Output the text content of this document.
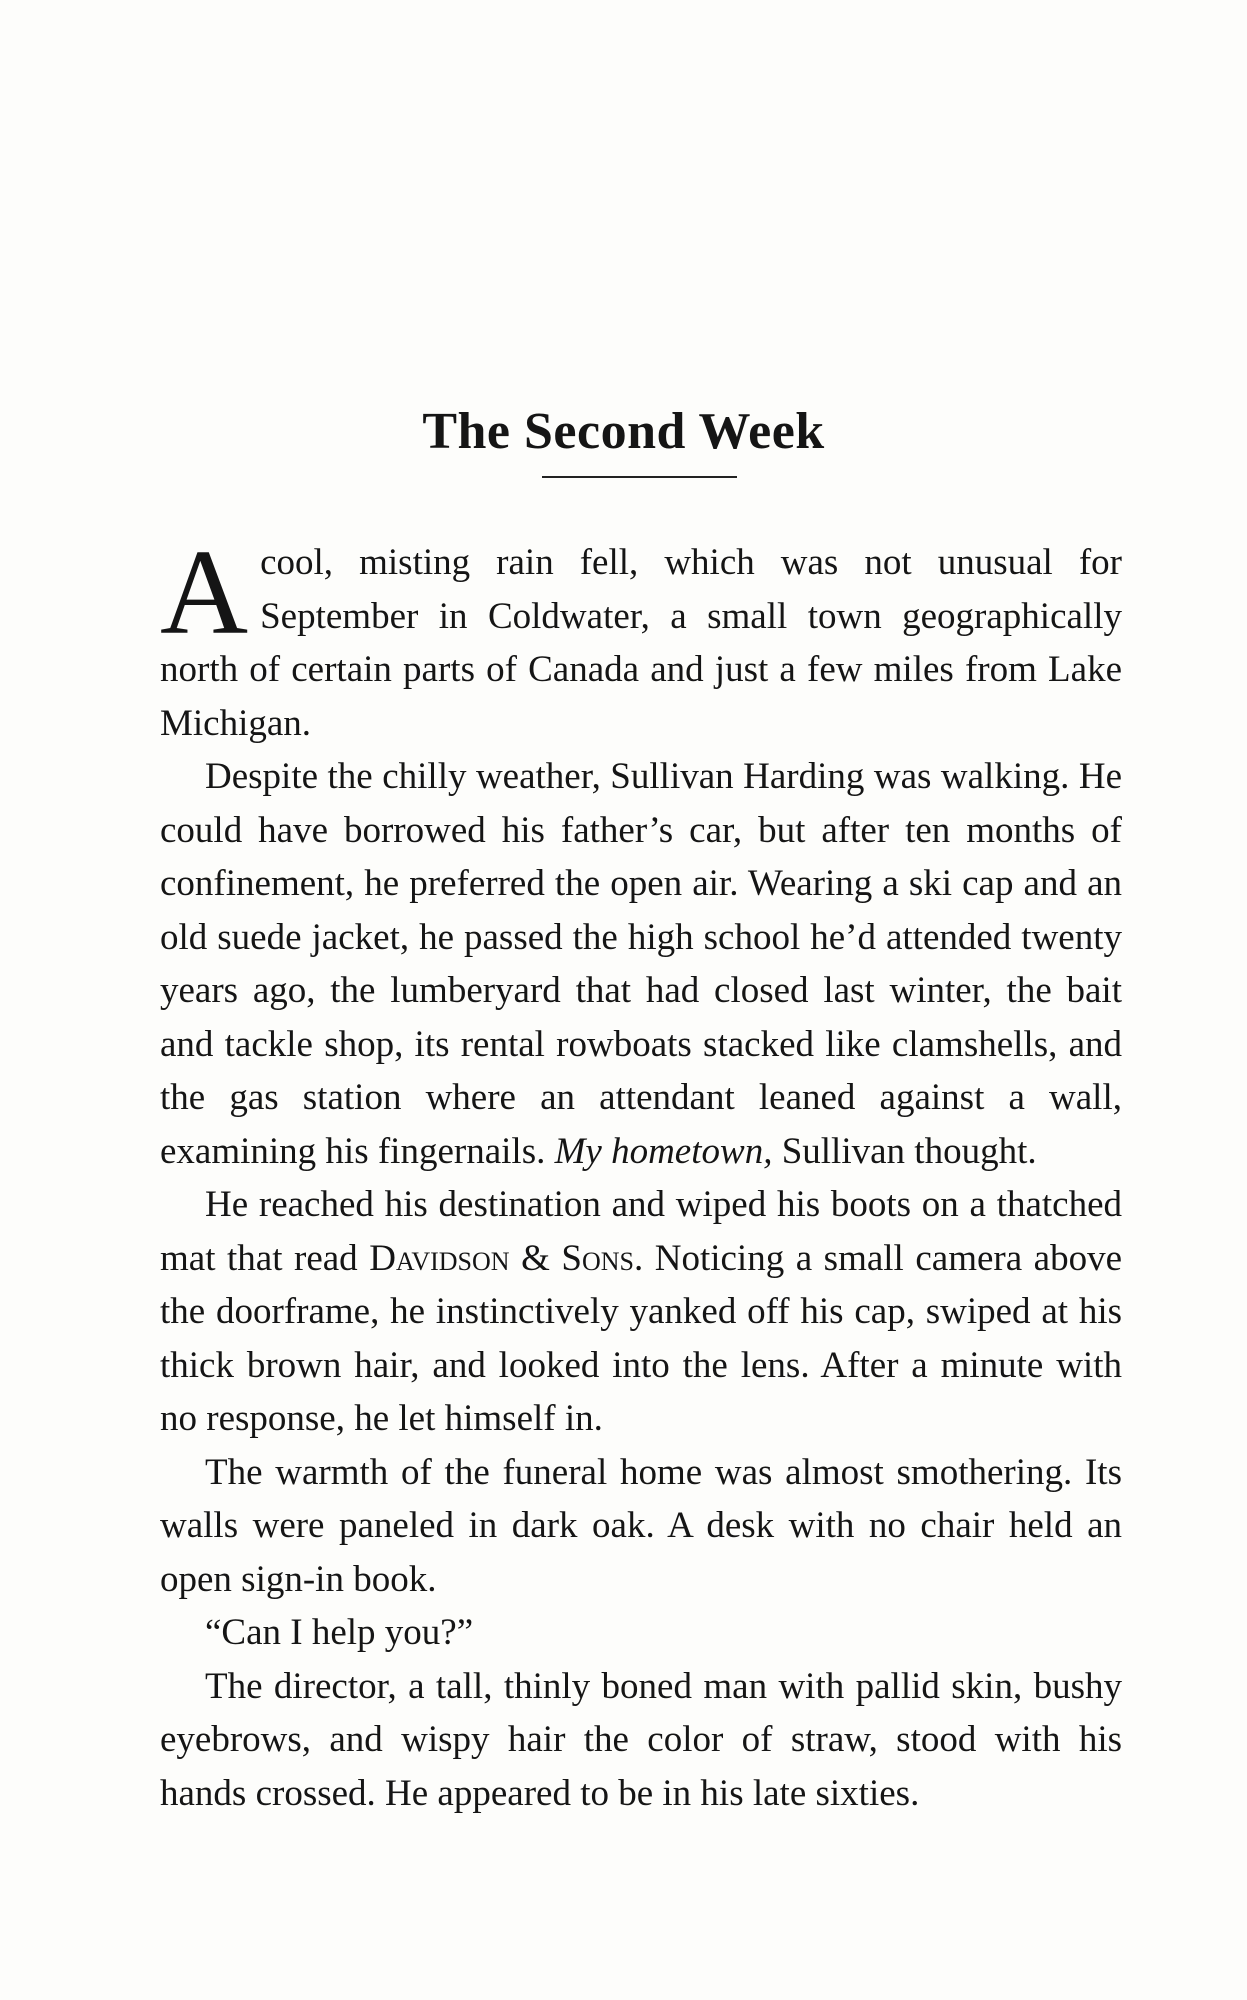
The Second Week

A cool, misting rain fell, which was not unusual for September in Coldwater, a small town geographically north of certain parts of Canada and just a few miles from Lake Michigan.

Despite the chilly weather, Sullivan Harding was walking. He could have borrowed his father’s car, but after ten months of confinement, he preferred the open air. Wearing a ski cap and an old suede jacket, he passed the high school he’d attended twenty years ago, the lumberyard that had closed last winter, the bait and tackle shop, its rental rowboats stacked like clamshells, and the gas station where an attendant leaned against a wall, examining his fingernails. My hometown, Sullivan thought.

He reached his destination and wiped his boots on a thatched mat that read Davidson & Sons. Noticing a small camera above the doorframe, he instinctively yanked off his cap, swiped at his thick brown hair, and looked into the lens. After a minute with no response, he let himself in.

The warmth of the funeral home was almost smothering. Its walls were paneled in dark oak. A desk with no chair held an open sign-in book.

“Can I help you?”

The director, a tall, thinly boned man with pallid skin, bushy eyebrows, and wispy hair the color of straw, stood with his hands crossed. He appeared to be in his late sixties.
